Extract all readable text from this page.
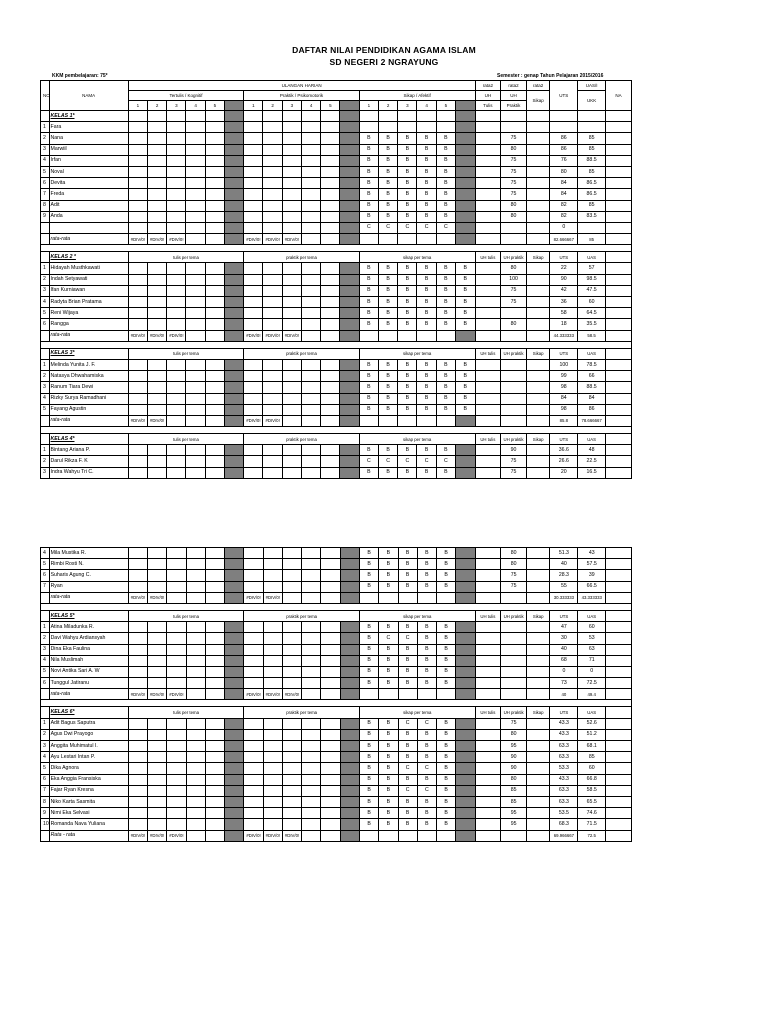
DAFTAR NILAI PENDIDIKAN AGAMA ISLAM
SD NEGERI 2 NGRAYUNG
KKM pembelajaran: 75*	Semester : genap Tahun Pelajaran 2015/2016
NO	NAMA	ULANGAN HARIAN																		rata2	rata2	rata2	UTS	UAS/I	NA
		Tertulis / Kognitif						Praktik / Psikomotorik						Sikap / Afektif						UH	UH	Sikap		UKK	
		1	2	3	4	5		1	2	3	4	5		1	2	3	4	5		Tulis	Praktik				
	KELAS 1*																								
1	Fara																								
2	Nana													B	B	B	B	B			75		86	85	
3	Marwiil													B	B	B	B	B			80		86	85	
4	Irfan													B	B	B	B	B			75		76	88.5	
5	Noval													B	B	B	B	B			75		80	85	
6	Devita													B	B	B	B	B			75		84	86.5	
7	Freda													B	B	B	B	B			75		84	86.5	
8	Adit													B	B	B	B	B			80		82	85	
9	Anda													B	B	B	B	B			80		82	83.5	
														C	C	C	C	C					0		
	rata-rata	#DIV/0!	#DIV/0!	#DIV/0!				#DIV/0!	#DIV/0!	#DIV/0!													82.666667	85	

	KELAS 2 *	tulis per tema						praktik per tema						sikap per tema						UH tulis	UH praktik	Sikap	UTS	UAS	
1	Hidayah Musthkawati													B	B	B	B	B	B		80		22	57	
2	Indah Setyawati													B	B	B	B	B	B		100		90	98.5	
3	Ifan Kurniawan													B	B	B	B	B	B		75		42	47.5	
4	Radyta Brian Pratama													B	B	B	B	B	B		75		36	60	
5	Reni Wijaya													B	B	B	B	B	B				58	64.5	
6	Rangga													B	B	B	B	B	B		80		18	35.5	
	rata-rata	#DIV/0!	#DIV/0!	#DIV/0!				#DIV/0!	#DIV/0!	#DIV/0!													44.333333	58.5	

	KELAS 3*	tulis per tema						praktik per tema						sikap per tema						UH tulis	UH praktik	Sikap	UTS	UAS	
1	Melinda Yunita J. F.													B	B	B	B	B	B				100	78.5	
2	Natasya Dhwahamiska													B	B	B	B	B	B				99	66	
3	Ranum Tiara Dewi													B	B	B	B	B	B				98	88.5	
4	Rizky Surya Ramadhani													B	B	B	B	B	B				84	84	
5	Fayang Agustin													B	B	B	B	B	B				98	86	
	rata-rata	#DIV/0!	#DIV/0!					#DIV/0!	#DIV/0!														85.8	78.666667	

	KELAS 4*	tulis per tema						praktik per tema						sikap per tema						UH tulis	UH praktik	Sikap	UTS	UAS	
1	Bintang Ariana P.													B	B	B	B	B			90		36.6	48	
2	Darul Rikza F. K													C	C	C	C	C			75		26.6	22.5	
3	Indra Wahyu Tri C.													B	B	B	B	B			75		20	16.5	
4	Mila Mustika R.													B	B	B	B	B			80		51.3	43	
5	Rimbi Rosti N.													B	B	B	B	B			80		40	57.5	
6	Suharis Agung C.													B	B	B	B	B			75		28.3	39	
7	Ryan													B	B	B	B	B			75		55	66.5	
	rata-rata	#DIV/0!	#DIV/0!					#DIV/0!	#DIV/0!														30.333333	43.333333	

	KELAS 5*	tulis per tema						praktik per tema						sikap per tema						UH tulis	UH praktik	Sikap	UTS	UAS	
1	Atina Miladunka R.													B	B	B	B	B					47	60	
2	Davi Wahyu Ardiansyah													B	C	C	B	B					30	53	
3	Dina Eka Faulina													B	B	B	B	B					40	63	
4	Nila Muslimah													B	B	B	B	B					68	71	
5	Novi Antika Sari A. W													B	B	B	B	B					0	0	
6	Tunggul Jatiranu													B	B	B	B	B					73	72.5	
	rata-rata	#DIV/0!	#DIV/0!	#DIV/0!				#DIV/0!	#DIV/0!	#DIV/0!													40	49.4	

	KELAS 6*	tulis per tema						praktik per tema						sikap per tema						UH tulis	UH praktik	Sikap	UTS	UAS	
1	Adit Bagus Saputra													B	B	C	C	B			75		43.3	52.6	
2	Agus Dwi Prayogo													B	B	B	B	B			80		43.3	51.2	
3	Anggita Muhimatul I.													B	B	B	B	B			95		63.3	68.1	
4	Ayu Lestari Intan P.													B	B	B	B	B			90		63.3	85	
5	Dika Agnora													B	B	C	C	B			90		53.3	60	
6	Eka Anggia Fransiska													B	B	B	B	B			80		43.3	66.8	
7	Fajar Ryan Kresna													B	B	C	C	B			85		63.3	58.5	
8	Niko Karta Sasmita													B	B	B	B	B			85		63.3	65.5	
9	Nimi Eka Selvasi													B	B	B	B	B			95		53.5	74.6	
10	Romanda Nava Yuliana													B	B	B	B	B			95		68.3	71.5	
	Rata - rata	#DIV/0!	#DIV/0!	#DIV/0!				#DIV/0!	#DIV/0!	#DIV/0!													69.966667	72.5	
